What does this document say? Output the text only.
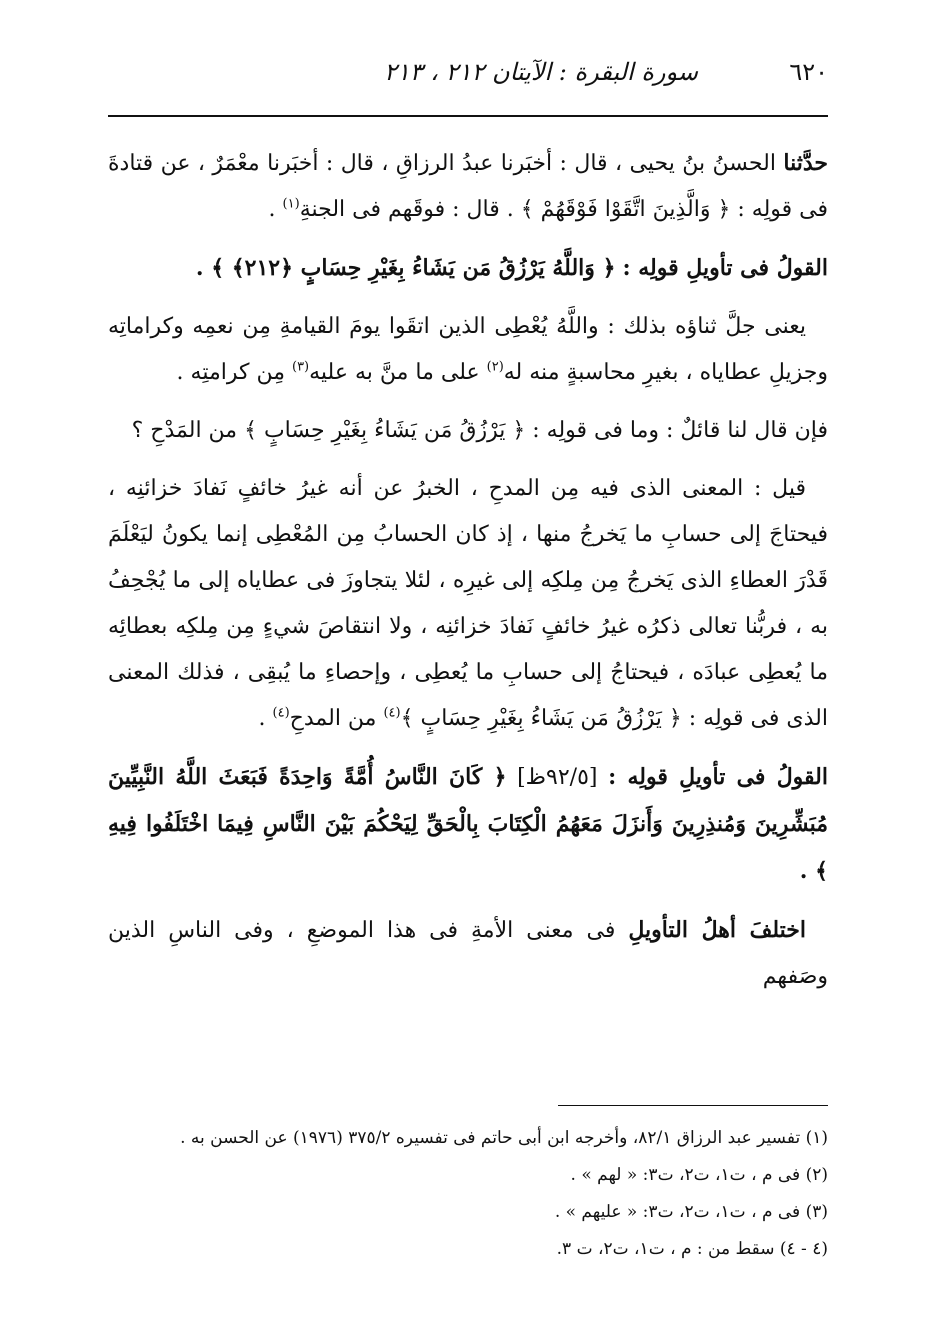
٦٢٠
سورة البقرة : الآيتان ٢١٢ ، ٢١٣

حدَّثنا الحسنُ بنُ يحيى ، قال : أخبَرنا عبدُ الرزاقِ ، قال : أخبَرنا معْمَرٌ ، عن قتادةَ فى قولِه : ﴿ وَالَّذِينَ اتَّقَوْا فَوْقَهُمْ ﴾ . قال : فوقَهم فى الجنةِ$^{(١)}$ .

القولُ فى تأويلِ قولِه : ﴿ وَاللَّهُ يَرْزُقُ مَن يَشَاءُ بِغَيْرِ حِسَابٍ ﴿٢١٢﴾ ﴾ .

يعنى جلَّ ثناؤه بذلك : واللَّهُ يُعْطِى الذين اتقَوا يومَ القيامةِ مِن نعمِه وكراماتِه وجزيلِ عطاياه ، بغيرِ محاسبةٍ منه له$^{(٢)}$ على ما منَّ به عليه$^{(٣)}$ مِن كرامتِه .

فإن قال لنا قائلٌ : وما فى قولِه : ﴿ يَرْزُقُ مَن يَشَاءُ بِغَيْرِ حِسَابٍ ﴾ من المَدْحِ ؟

قيل : المعنى الذى فيه مِن المدحِ ، الخبرُ عن أنه غيرُ خائفٍ نَفادَ خزائنِه ، فيحتاجَ إلى حسابِ ما يَخرجُ منها ، إذ كان الحسابُ مِن المُعْطِى إنما يكونُ ليَعْلَمَ قَدْرَ العطاءِ الذى يَخرجُ مِن مِلكِه إلى غيرِه ، لئلا يتجاوزَ فى عطاياه إلى ما يُجْحِفُ به ، فربُّنا تعالى ذكرُه غيرُ خائفٍ نَفادَ خزائنِه ، ولا انتقاصَ شيءٍ مِن مِلكِه بعطائِه ما يُعطِى عبادَه ، فيحتاجُ إلى حسابِ ما يُعطِى ، وإحصاءِ ما يُبقِى ، فذلك المعنى الذى فى قولِه : ﴿ يَرْزُقُ مَن يَشَاءُ بِغَيْرِ حِسَابٍ ﴾$^{(٤)}$ من المدحِ$^{(٤)}$ .

القولُ فى تأويلِ قولِه : [٩٢/٥ظ] ﴿ كَانَ النَّاسُ أُمَّةً وَاحِدَةً فَبَعَثَ اللَّهُ النَّبِيِّينَ مُبَشِّرِينَ وَمُنذِرِينَ وَأَنزَلَ مَعَهُمُ الْكِتَابَ بِالْحَقِّ لِيَحْكُمَ بَيْنَ النَّاسِ فِيمَا اخْتَلَفُوا فِيهِ ﴾ .

اختلفَ أهلُ التأويلِ فى معنى الأمةِ فى هذا الموضعِ ، وفى الناسِ الذين وصَفهم

(١) تفسير عبد الرزاق ٨٢/١، وأخرجه ابن أبى حاتم فى تفسيره ٣٧٥/٢ (١٩٧٦) عن الحسن به .

(٢) فى م ، ت١، ت٢، ت٣: « لهم » .

(٣) فى م ، ت١، ت٢، ت٣: « عليهم » .

(٤ - ٤) سقط من : م ، ت١، ت٢، ت ٣.
